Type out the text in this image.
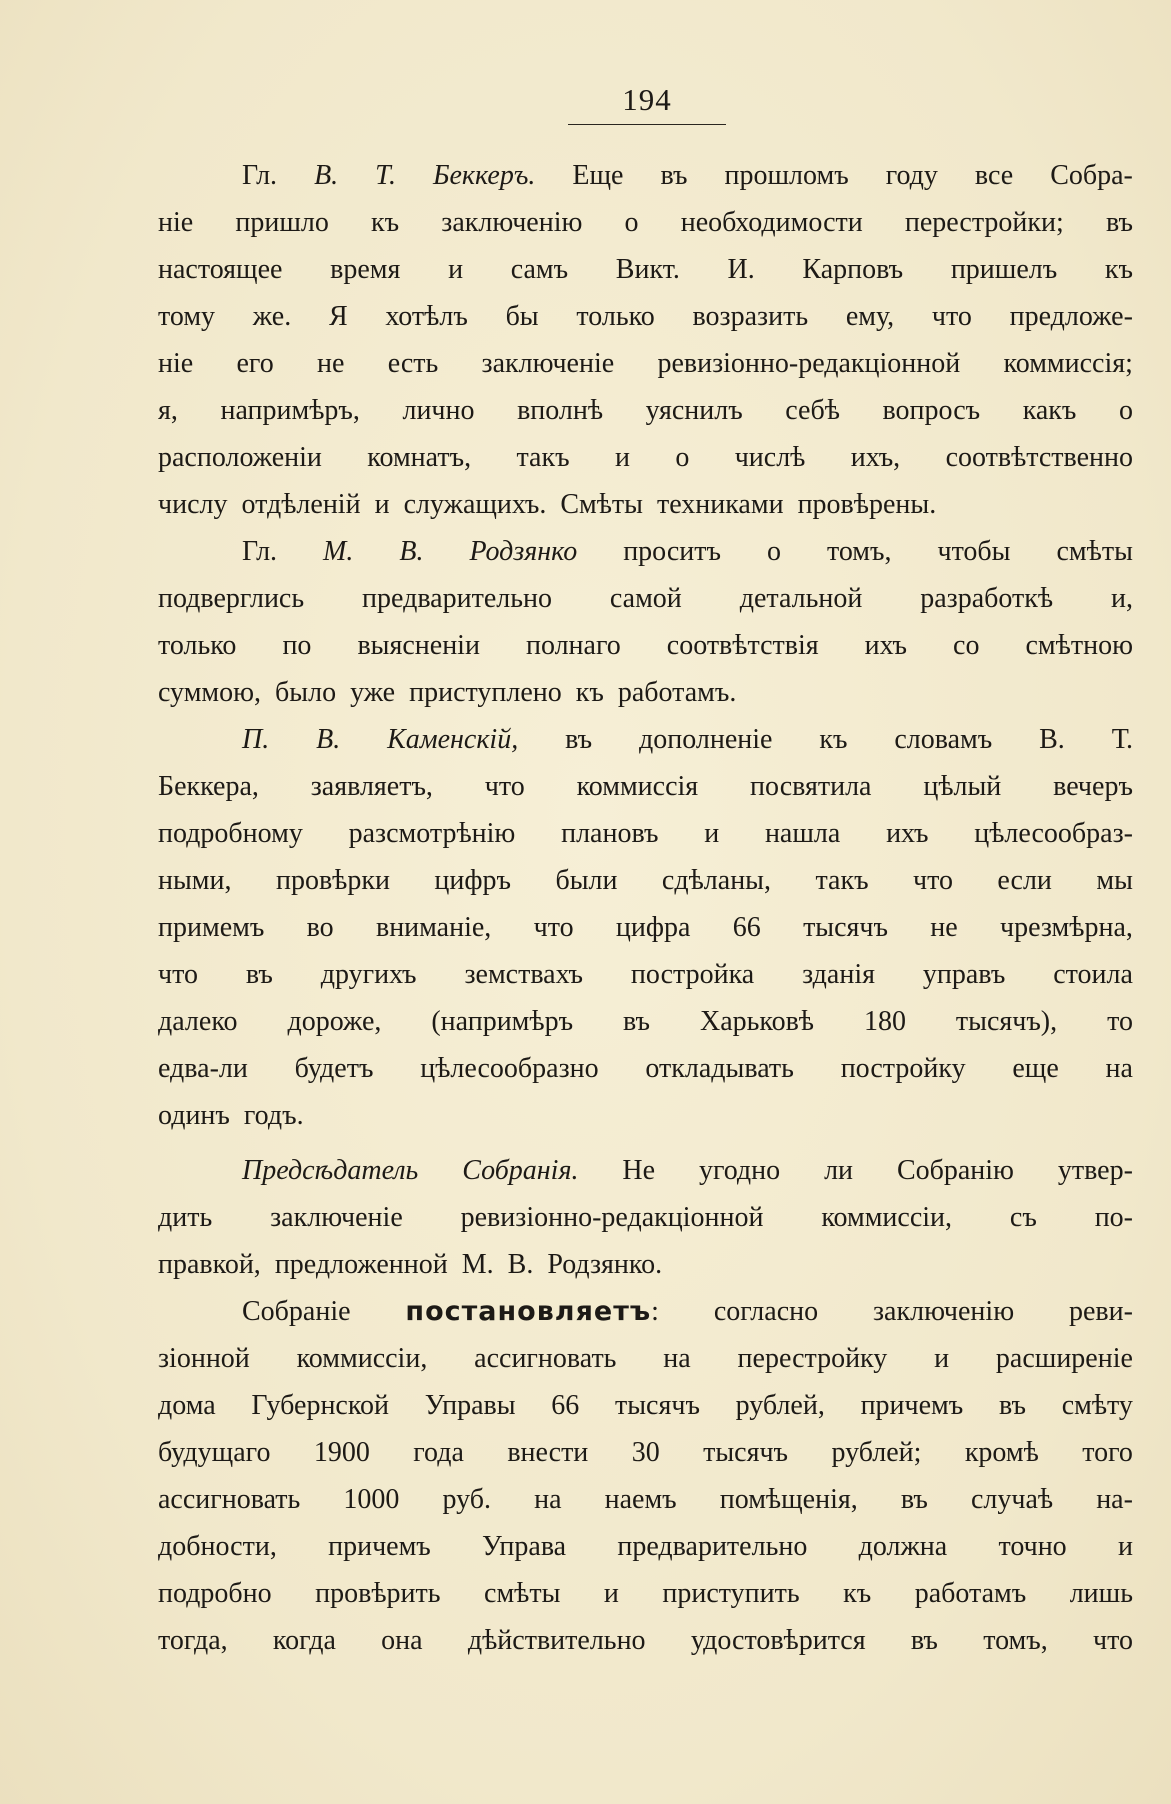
194
Гл. В. Т. Беккеръ. Еще въ прошломъ году все Собра-
ніе пришло къ заключенію о необходимости перестройки; въ
настоящее время и самъ Викт. И. Карповъ пришелъ къ
тому же. Я хотѣлъ бы только возразить ему, что предложе-
ніе его не есть заключеніе ревизіонно-редакціонной коммиссія;
я, напримѣръ, лично вполнѣ уяснилъ себѣ вопросъ какъ о
расположеніи комнатъ, такъ и о числѣ ихъ, соотвѣтственно
числу отдѣленій и служащихъ. Смѣты техниками провѣрены.
Гл. М. В. Родзянко проситъ о томъ, чтобы смѣты
подверглись предварительно самой детальной разработкѣ и,
только по выясненіи полнаго соотвѣтствія ихъ со смѣтною
суммою, было уже приступлено къ работамъ.
П. В. Каменскій, въ дополненіе къ словамъ В. Т.
Беккера, заявляетъ, что коммиссія посвятила цѣлый вечеръ
подробному разсмотрѣнію плановъ и нашла ихъ цѣлесообраз-
ными, провѣрки цифръ были сдѣланы, такъ что если мы
примемъ во вниманіе, что цифра 66 тысячъ не чрезмѣрна,
что въ другихъ земствахъ постройка зданія управъ стоила
далеко дороже, (напримѣръ въ Харьковѣ 180 тысячъ), то
едва-ли будетъ цѣлесообразно откладывать постройку еще на
одинъ годъ.
Предсѣдатель Собранія. Не угодно ли Собранію утвер-
дить заключеніе ревизіонно-редакціонной коммиссіи, съ по-
правкой, предложенной М. В. Родзянко.
Собраніе постановляетъ: согласно заключенію реви-
зіонной коммиссіи, ассигновать на перестройку и расширеніе
дома Губернской Управы 66 тысячъ рублей, причемъ въ смѣту
будущаго 1900 года внести 30 тысячъ рублей; кромѣ того
ассигновать 1000 руб. на наемъ помѣщенія, въ случаѣ на-
добности, причемъ Управа предварительно должна точно и
подробно провѣрить смѣты и приступить къ работамъ лишь
тогда, когда она дѣйствительно удостовѣрится въ томъ, что
